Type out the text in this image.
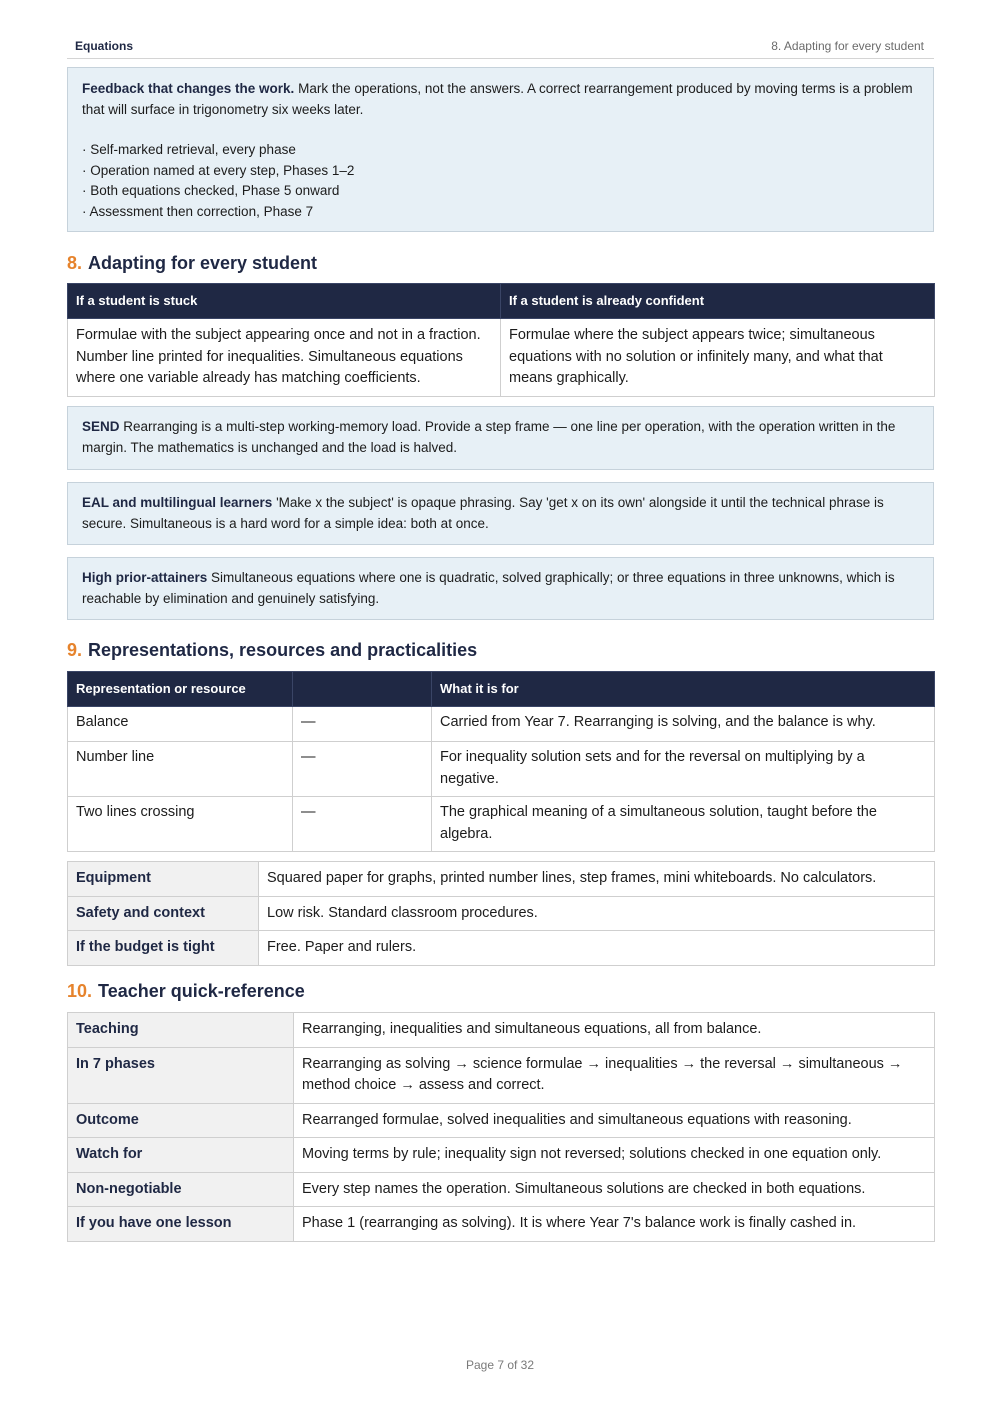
Equations	8. Adapting for every student
Feedback that changes the work. Mark the operations, not the answers. A correct rearrangement produced by moving terms is a problem that will surface in trigonometry six weeks later.
· Self-marked retrieval, every phase
· Operation named at every step, Phases 1–2
· Both equations checked, Phase 5 onward
· Assessment then correction, Phase 7
8. Adapting for every student
If a student is stuck	If a student is already confident
Formulae with the subject appearing once and not in a fraction. Number line printed for inequalities. Simultaneous equations where one variable already has matching coefficients.	Formulae where the subject appears twice; simultaneous equations with no solution or infinitely many, and what that means graphically.
SEND Rearranging is a multi-step working-memory load. Provide a step frame — one line per operation, with the operation written in the margin. The mathematics is unchanged and the load is halved.
EAL and multilingual learners 'Make x the subject' is opaque phrasing. Say 'get x on its own' alongside it until the technical phrase is secure. Simultaneous is a hard word for a simple idea: both at once.
High prior-attainers Simultaneous equations where one is quadratic, solved graphically; or three equations in three unknowns, which is reachable by elimination and genuinely satisfying.
9. Representations, resources and practicalities
Representation or resource		What it is for
Balance	—	Carried from Year 7. Rearranging is solving, and the balance is why.
Number line	—	For inequality solution sets and for the reversal on multiplying by a negative.
Two lines crossing	—	The graphical meaning of a simultaneous solution, taught before the algebra.
Equipment	Squared paper for graphs, printed number lines, step frames, mini whiteboards. No calculators.
Safety and context	Low risk. Standard classroom procedures.
If the budget is tight	Free. Paper and rulers.
10. Teacher quick-reference
Teaching	Rearranging, inequalities and simultaneous equations, all from balance.
In 7 phases	Rearranging as solving → science formulae → inequalities → the reversal → simultaneous → method choice → assess and correct.
Outcome	Rearranged formulae, solved inequalities and simultaneous equations with reasoning.
Watch for	Moving terms by rule; inequality sign not reversed; solutions checked in one equation only.
Non-negotiable	Every step names the operation. Simultaneous solutions are checked in both equations.
If you have one lesson	Phase 1 (rearranging as solving). It is where Year 7's balance work is finally cashed in.
Page 7 of 32
